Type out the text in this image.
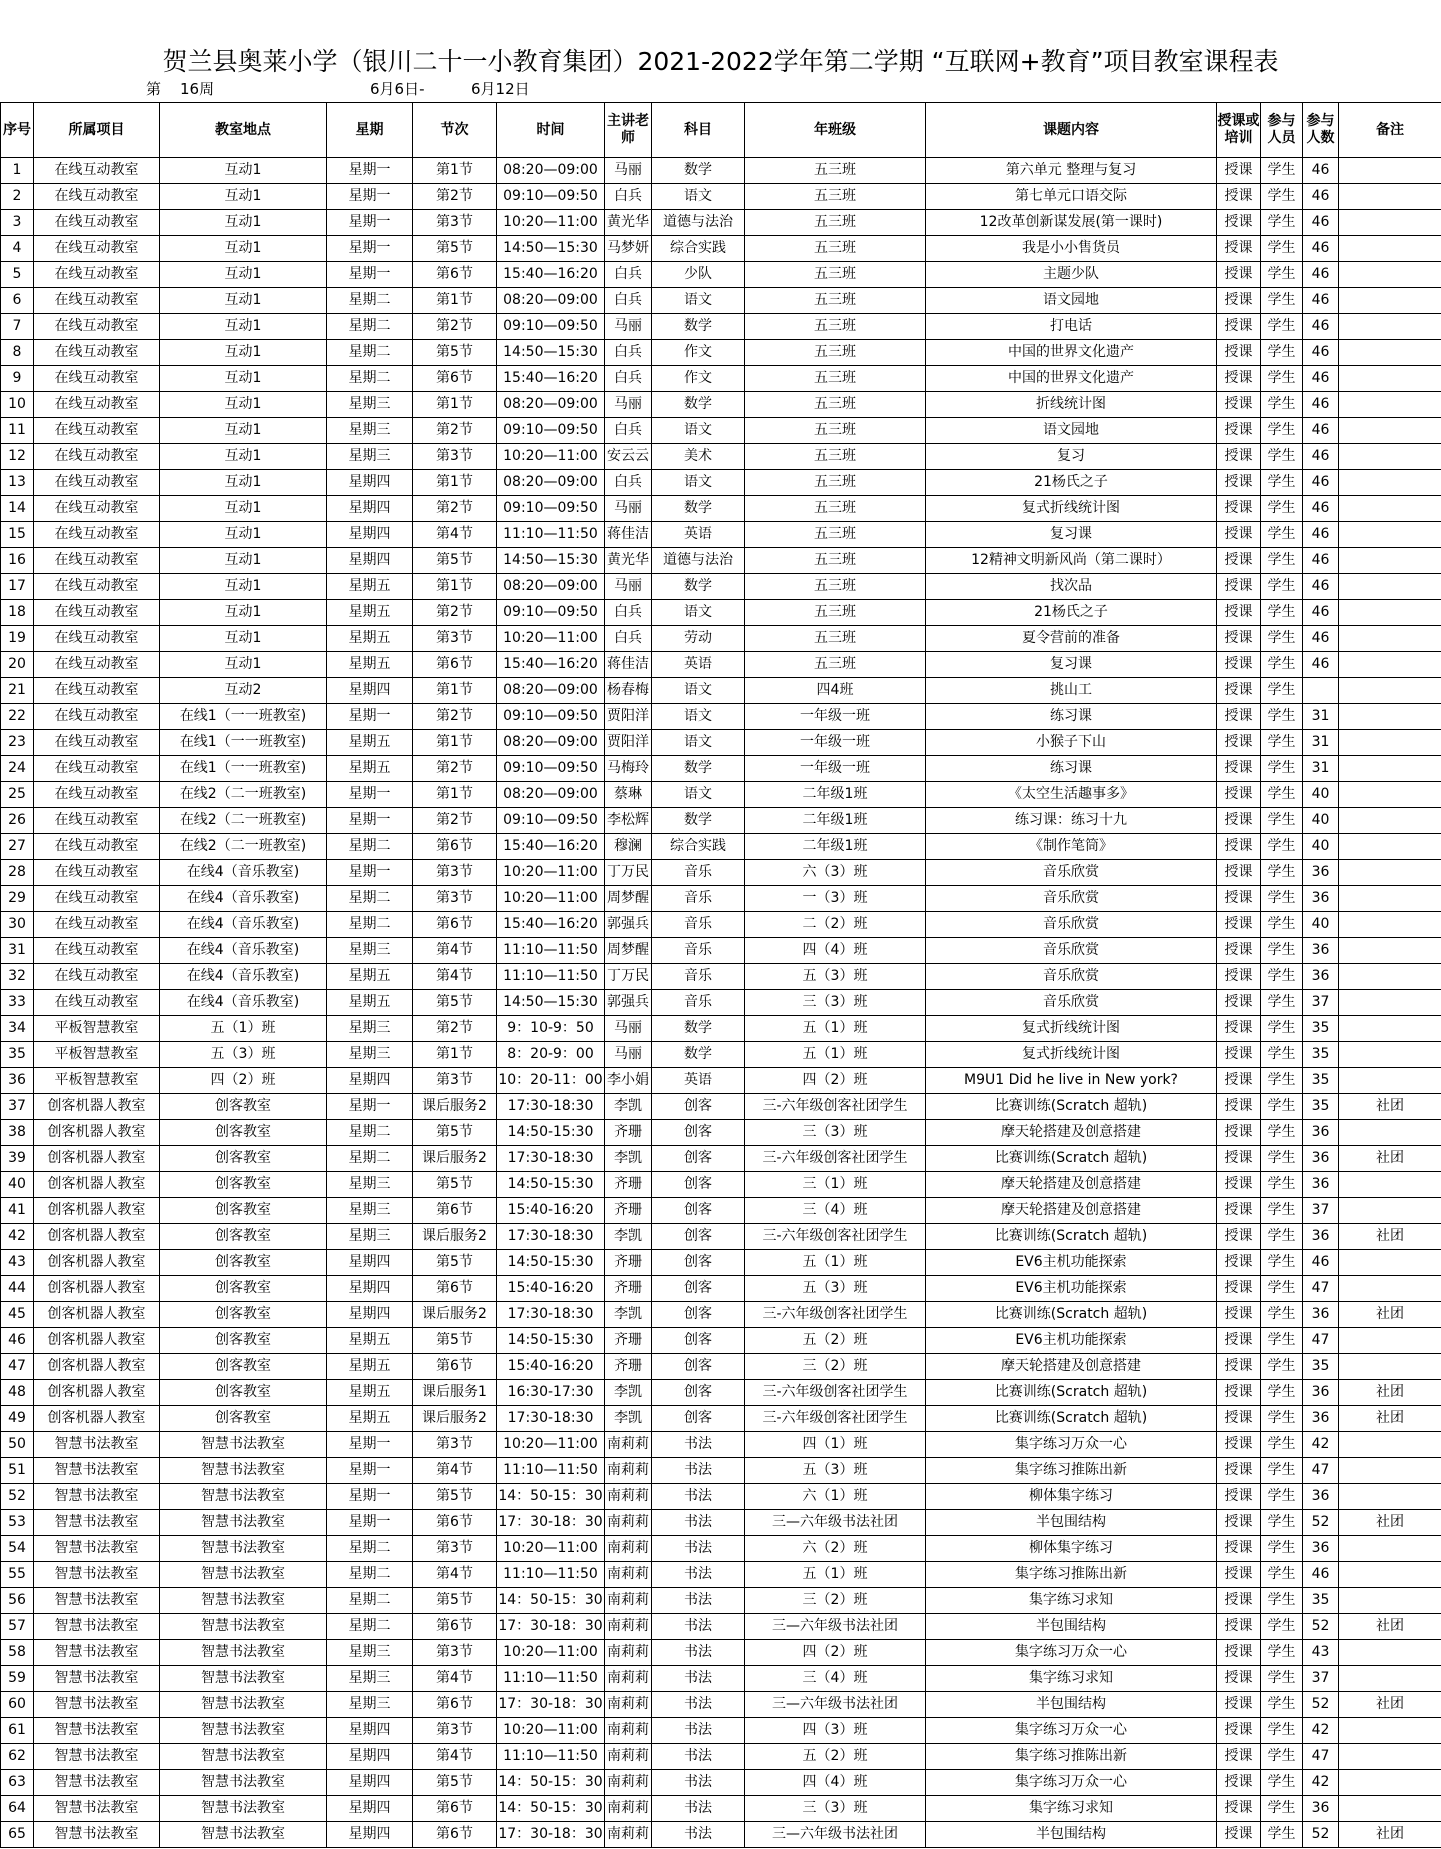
贺兰县奥莱小学（银川二十一小教育集团）2021-2022学年第二学期 “互联网+教育”项目教室课程表
第 16周	6月6日-	6月12日
序号	所属项目	教室地点	星期	节次	时间	主讲老师	科目	年班级	课题内容	授课或培训	参与人员	参与人数	备注
1	在线互动教室	互动1	星期一	第1节	08:20—09:00	马丽	数学	五三班	第六单元 整理与复习	授课	学生	46	
2	在线互动教室	互动1	星期一	第2节	09:10—09:50	白兵	语文	五三班	第七单元口语交际	授课	学生	46	
3	在线互动教室	互动1	星期一	第3节	10:20—11:00	黄光华	道德与法治	五三班	12改革创新谋发展(第一课时)	授课	学生	46	
4	在线互动教室	互动1	星期一	第5节	14:50—15:30	马梦妍	综合实践	五三班	我是小小售货员	授课	学生	46	
5	在线互动教室	互动1	星期一	第6节	15:40—16:20	白兵	少队	五三班	主题少队	授课	学生	46	
6	在线互动教室	互动1	星期二	第1节	08:20—09:00	白兵	语文	五三班	语文园地	授课	学生	46	
7	在线互动教室	互动1	星期二	第2节	09:10—09:50	马丽	数学	五三班	打电话	授课	学生	46	
8	在线互动教室	互动1	星期二	第5节	14:50—15:30	白兵	作文	五三班	中国的世界文化遗产	授课	学生	46	
9	在线互动教室	互动1	星期二	第6节	15:40—16:20	白兵	作文	五三班	中国的世界文化遗产	授课	学生	46	
10	在线互动教室	互动1	星期三	第1节	08:20—09:00	马丽	数学	五三班	折线统计图	授课	学生	46	
11	在线互动教室	互动1	星期三	第2节	09:10—09:50	白兵	语文	五三班	语文园地	授课	学生	46	
12	在线互动教室	互动1	星期三	第3节	10:20—11:00	安云云	美术	五三班	复习	授课	学生	46	
13	在线互动教室	互动1	星期四	第1节	08:20—09:00	白兵	语文	五三班	21杨氏之子	授课	学生	46	
14	在线互动教室	互动1	星期四	第2节	09:10—09:50	马丽	数学	五三班	复式折线统计图	授课	学生	46	
15	在线互动教室	互动1	星期四	第4节	11:10—11:50	蒋佳洁	英语	五三班	复习课	授课	学生	46	
16	在线互动教室	互动1	星期四	第5节	14:50—15:30	黄光华	道德与法治	五三班	12精神文明新风尚（第二课时）	授课	学生	46	
17	在线互动教室	互动1	星期五	第1节	08:20—09:00	马丽	数学	五三班	找次品	授课	学生	46	
18	在线互动教室	互动1	星期五	第2节	09:10—09:50	白兵	语文	五三班	21杨氏之子	授课	学生	46	
19	在线互动教室	互动1	星期五	第3节	10:20—11:00	白兵	劳动	五三班	夏令营前的准备	授课	学生	46	
20	在线互动教室	互动1	星期五	第6节	15:40—16:20	蒋佳洁	英语	五三班	复习课	授课	学生	46	
21	在线互动教室	互动2	星期四	第1节	08:20—09:00	杨春梅	语文	四4班	挑山工	授课	学生		
22	在线互动教室	在线1（一一班教室)	星期一	第2节	09:10—09:50	贾阳洋	语文	一年级一班	练习课	授课	学生	31	
23	在线互动教室	在线1（一一班教室)	星期五	第1节	08:20—09:00	贾阳洋	语文	一年级一班	小猴子下山	授课	学生	31	
24	在线互动教室	在线1（一一班教室)	星期五	第2节	09:10—09:50	马梅玲	数学	一年级一班	练习课	授课	学生	31	
25	在线互动教室	在线2（二一班教室)	星期一	第1节	08:20—09:00	蔡琳	语文	二年级1班	《太空生活趣事多》	授课	学生	40	
26	在线互动教室	在线2（二一班教室)	星期一	第2节	09:10—09:50	李松辉	数学	二年级1班	练习课：练习十九	授课	学生	40	
27	在线互动教室	在线2（二一班教室)	星期二	第6节	15:40—16:20	穆澜	综合实践	二年级1班	《制作笔筒》	授课	学生	40	
28	在线互动教室	在线4（音乐教室)	星期一	第3节	10:20—11:00	丁万民	音乐	六（3）班	音乐欣赏	授课	学生	36	
29	在线互动教室	在线4（音乐教室)	星期二	第3节	10:20—11:00	周梦醒	音乐	一（3）班	音乐欣赏	授课	学生	36	
30	在线互动教室	在线4（音乐教室)	星期二	第6节	15:40—16:20	郭强兵	音乐	二（2）班	音乐欣赏	授课	学生	40	
31	在线互动教室	在线4（音乐教室)	星期三	第4节	11:10—11:50	周梦醒	音乐	四（4）班	音乐欣赏	授课	学生	36	
32	在线互动教室	在线4（音乐教室)	星期五	第4节	11:10—11:50	丁万民	音乐	五（3）班	音乐欣赏	授课	学生	36	
33	在线互动教室	在线4（音乐教室)	星期五	第5节	14:50—15:30	郭强兵	音乐	三（3）班	音乐欣赏	授课	学生	37	
34	平板智慧教室	五（1）班	星期三	第2节	9：10-9：50	马丽	数学	五（1）班	复式折线统计图	授课	学生	35	
35	平板智慧教室	五（3）班	星期三	第1节	8：20-9：00	马丽	数学	五（1）班	复式折线统计图	授课	学生	35	
36	平板智慧教室	四（2）班	星期四	第3节	10：20-11：00	李小娟	英语	四（2）班	M9U1 Did he live in New york?	授课	学生	35	
37	创客机器人教室	创客教室	星期一	课后服务2	17:30-18:30	李凯	创客	三-六年级创客社团学生	比赛训练(Scratch 超轨)	授课	学生	35	社团
38	创客机器人教室	创客教室	星期二	第5节	14:50-15:30	齐珊	创客	三（3）班	摩天轮搭建及创意搭建	授课	学生	36	
39	创客机器人教室	创客教室	星期二	课后服务2	17:30-18:30	李凯	创客	三-六年级创客社团学生	比赛训练(Scratch 超轨)	授课	学生	36	社团
40	创客机器人教室	创客教室	星期三	第5节	14:50-15:30	齐珊	创客	三（1）班	摩天轮搭建及创意搭建	授课	学生	36	
41	创客机器人教室	创客教室	星期三	第6节	15:40-16:20	齐珊	创客	三（4）班	摩天轮搭建及创意搭建	授课	学生	37	
42	创客机器人教室	创客教室	星期三	课后服务2	17:30-18:30	李凯	创客	三-六年级创客社团学生	比赛训练(Scratch 超轨)	授课	学生	36	社团
43	创客机器人教室	创客教室	星期四	第5节	14:50-15:30	齐珊	创客	五（1）班	EV6主机功能探索	授课	学生	46	
44	创客机器人教室	创客教室	星期四	第6节	15:40-16:20	齐珊	创客	五（3）班	EV6主机功能探索	授课	学生	47	
45	创客机器人教室	创客教室	星期四	课后服务2	17:30-18:30	李凯	创客	三-六年级创客社团学生	比赛训练(Scratch 超轨)	授课	学生	36	社团
46	创客机器人教室	创客教室	星期五	第5节	14:50-15:30	齐珊	创客	五（2）班	EV6主机功能探索	授课	学生	47	
47	创客机器人教室	创客教室	星期五	第6节	15:40-16:20	齐珊	创客	三（2）班	摩天轮搭建及创意搭建	授课	学生	35	
48	创客机器人教室	创客教室	星期五	课后服务1	16:30-17:30	李凯	创客	三-六年级创客社团学生	比赛训练(Scratch 超轨)	授课	学生	36	社团
49	创客机器人教室	创客教室	星期五	课后服务2	17:30-18:30	李凯	创客	三-六年级创客社团学生	比赛训练(Scratch 超轨)	授课	学生	36	社团
50	智慧书法教室	智慧书法教室	星期一	第3节	10:20—11:00	南莉莉	书法	四（1）班	集字练习万众一心	授课	学生	42	
51	智慧书法教室	智慧书法教室	星期一	第4节	11:10—11:50	南莉莉	书法	五（3）班	集字练习推陈出新	授课	学生	47	
52	智慧书法教室	智慧书法教室	星期一	第5节	14：50-15：30	南莉莉	书法	六（1）班	柳体集字练习	授课	学生	36	
53	智慧书法教室	智慧书法教室	星期一	第6节	17：30-18：30	南莉莉	书法	三—六年级书法社团	半包围结构	授课	学生	52	社团
54	智慧书法教室	智慧书法教室	星期二	第3节	10:20—11:00	南莉莉	书法	六（2）班	柳体集字练习	授课	学生	36	
55	智慧书法教室	智慧书法教室	星期二	第4节	11:10—11:50	南莉莉	书法	五（1）班	集字练习推陈出新	授课	学生	46	
56	智慧书法教室	智慧书法教室	星期二	第5节	14：50-15：30	南莉莉	书法	三（2）班	集字练习求知	授课	学生	35	
57	智慧书法教室	智慧书法教室	星期二	第6节	17：30-18：30	南莉莉	书法	三—六年级书法社团	半包围结构	授课	学生	52	社团
58	智慧书法教室	智慧书法教室	星期三	第3节	10:20—11:00	南莉莉	书法	四（2）班	集字练习万众一心	授课	学生	43	
59	智慧书法教室	智慧书法教室	星期三	第4节	11:10—11:50	南莉莉	书法	三（4）班	集字练习求知	授课	学生	37	
60	智慧书法教室	智慧书法教室	星期三	第6节	17：30-18：30	南莉莉	书法	三—六年级书法社团	半包围结构	授课	学生	52	社团
61	智慧书法教室	智慧书法教室	星期四	第3节	10:20—11:00	南莉莉	书法	四（3）班	集字练习万众一心	授课	学生	42	
62	智慧书法教室	智慧书法教室	星期四	第4节	11:10—11:50	南莉莉	书法	五（2）班	集字练习推陈出新	授课	学生	47	
63	智慧书法教室	智慧书法教室	星期四	第5节	14：50-15：30	南莉莉	书法	四（4）班	集字练习万众一心	授课	学生	42	
64	智慧书法教室	智慧书法教室	星期四	第6节	14：50-15：30	南莉莉	书法	三（3）班	集字练习求知	授课	学生	36	
65	智慧书法教室	智慧书法教室	星期四	第6节	17：30-18：30	南莉莉	书法	三—六年级书法社团	半包围结构	授课	学生	52	社团
